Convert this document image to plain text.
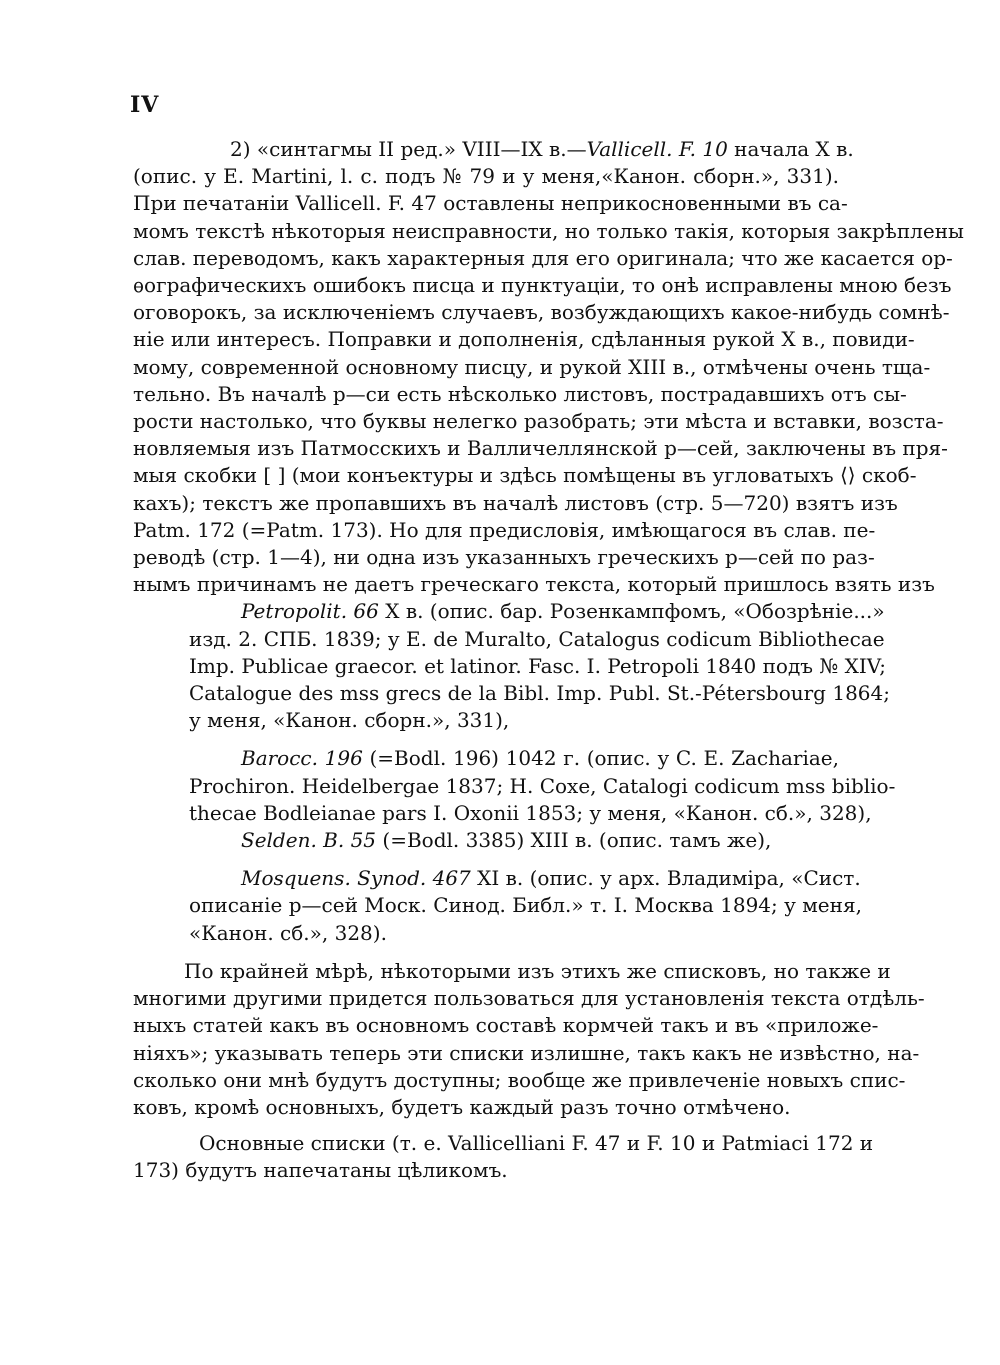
IV
2) «синтагмы II ред.» VIII—IX в.—Vallicell. F. 10 начала X в.
(опис. у E. Martini, l. c. подъ № 79 и у меня,«Канон. сборн.», 331).
При печатаніи Vallicell. F. 47 оставлены неприкосновенными въ са-
момъ текстѣ нѣкоторыя неисправности, но только такія, которыя закрѣплены
слав. переводомъ, какъ характерныя для его оригинала; что же касается ор-
ѳографическихъ ошибокъ писца и пунктуаціи, то онѣ исправлены мною безъ
оговорокъ, за исключеніемъ случаевъ, возбуждающихъ какое-нибудь сомнѣ-
ніе или интересъ. Поправки и дополненія, сдѣланныя рукой X в., повиди-
мому, современной основному писцу, и рукой XIII в., отмѣчены очень тща-
тельно. Въ началѣ р—си есть нѣсколько листовъ, пострадавшихъ отъ сы-
рости настолько, что буквы нелегко разобрать; эти мѣста и вставки, возста-
новляемыя изъ Патмосскихъ и Валличеллянской р—сей, заключены въ пря-
мыя скобки [ ] (мои конъектуры и здѣсь помѣщены въ угловатыхъ ⟨⟩ скоб-
кахъ); текстъ же пропавшихъ въ началѣ листовъ (стр. 5—720) взятъ изъ
Patm. 172 (=Patm. 173). Но для предисловія, имѣющагося въ слав. пе-
реводѣ (стр. 1—4), ни одна изъ указанныхъ греческихъ р—сей по раз-
нымъ причинамъ не даетъ греческаго текста, который пришлось взять изъ
Petropolit. 66 X в. (опис. бар. Розенкампфомъ, «Обозрѣніе...»
изд. 2. СПБ. 1839; у E. de Muralto, Catalogus codicum Bibliothecae
Imp. Publicae graecor. et latinor. Fasc. I. Petropoli 1840 подъ № XIV;
Catalogue des mss grecs de la Bibl. Imp. Publ. St.-Pétersbourg 1864;
у меня, «Канон. сборн.», 331),
Barocc. 196 (=Bodl. 196) 1042 г. (опис. у C. E. Zachariae,
Prochiron. Heidelbergae 1837; H. Coxe, Catalogi codicum mss biblio-
thecae Bodleianae pars I. Oxonii 1853; у меня, «Канон. сб.», 328),
Selden. B. 55 (=Bodl. 3385) XIII в. (опис. тамъ же),
Mosquens. Synod. 467 XI в. (опис. у арх. Владиміра, «Сист.
описаніе р—сей Моск. Синод. Библ.» т. I. Москва 1894; у меня,
«Канон. сб.», 328).
По крайней мѣрѣ, нѣкоторыми изъ этихъ же списковъ, но также и
многими другими придется пользоваться для установленія текста отдѣль-
ныхъ статей какъ въ основномъ составѣ кормчей такъ и въ «приложе-
ніяхъ»; указывать теперь эти списки излишне, такъ какъ не извѣстно, на-
сколько они мнѣ будутъ доступны; вообще же привлеченіе новыхъ спис-
ковъ, кромѣ основныхъ, будетъ каждый разъ точно отмѣчено.
Основные списки (т. е. Vallicelliani F. 47 и F. 10 и Patmiaci 172 и
173) будутъ напечатаны цѣликомъ.
